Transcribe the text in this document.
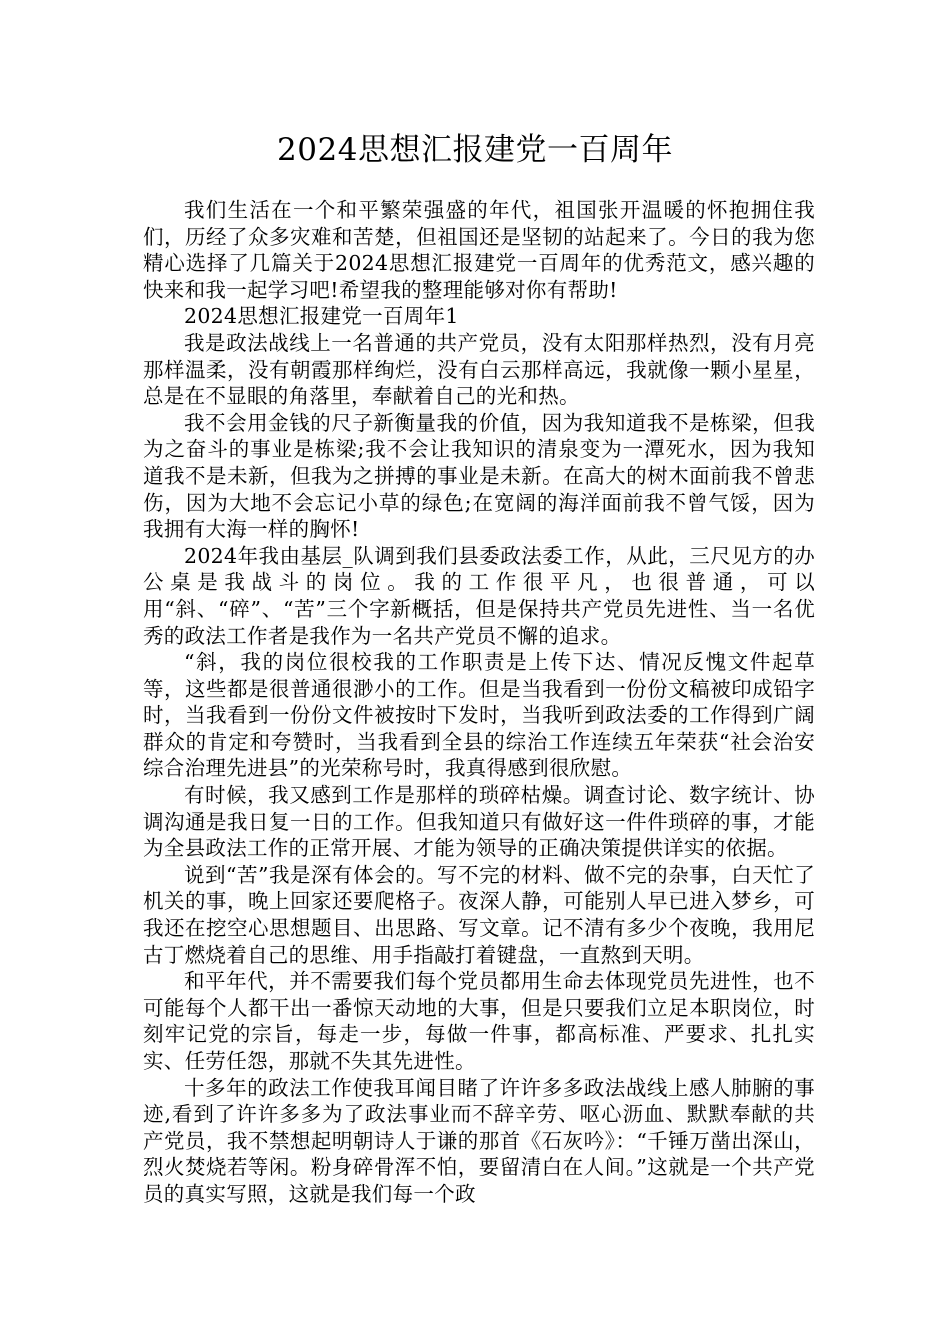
2024思想汇报建党一百周年

我们生活在一个和平繁荣强盛的年代，祖国张开温暖的怀抱拥住我们，历经了众多灾难和苦楚，但祖国还是坚韧的站起来了。今日的我为您精心选择了几篇关于2024思想汇报建党一百周年的优秀范文，感兴趣的快来和我一起学习吧!希望我的整理能够对你有帮助!

2024思想汇报建党一百周年1

我是政法战线上一名普通的共产党员，没有太阳那样热烈，没有月亮那样温柔，没有朝霞那样绚烂，没有白云那样高远，我就像一颗小星星，总是在不显眼的角落里，奉献着自己的光和热。

我不会用金钱的尺子新衡量我的价值，因为我知道我不是栋梁，但我为之奋斗的事业是栋梁;我不会让我知识的清泉变为一潭死水，因为我知道我不是未新，但我为之拼搏的事业是未新。在高大的树木面前我不曾悲伤，因为大地不会忘记小草的绿色;在宽阔的海洋面前我不曾气馁，因为我拥有大海一样的胸怀!

2024年我由基层_队调到我们县委政法委工作，从此，三尺见方的办公桌是我战斗的岗位。我的工作很平凡，也很普通，可以用“斜、“碎”、“苦”三个字新概括，但是保持共产党员先进性、当一名优秀的政法工作者是我作为一名共产党员不懈的追求。

“斜，我的岗位很校我的工作职责是上传下达、情况反愧文件起草等，这些都是很普通很渺小的工作。但是当我看到一份份文稿被印成铅字时，当我看到一份份文件被按时下发时，当我听到政法委的工作得到广阔群众的肯定和夸赞时，当我看到全县的综治工作连续五年荣获“社会治安综合治理先进县”的光荣称号时，我真得感到很欣慰。

有时候，我又感到工作是那样的琐碎枯燥。调查讨论、数字统计、协调沟通是我日复一日的工作。但我知道只有做好这一件件琐碎的事，才能为全县政法工作的正常开展、才能为领导的正确决策提供详实的依据。

说到“苦”我是深有体会的。写不完的材料、做不完的杂事，白天忙了机关的事，晚上回家还要爬格子。夜深人静，可能别人早已进入梦乡，可我还在挖空心思想题目、出思路、写文章。记不清有多少个夜晚，我用尼古丁燃烧着自己的思维、用手指敲打着键盘，一直熬到天明。

和平年代，并不需要我们每个党员都用生命去体现党员先进性，也不可能每个人都干出一番惊天动地的大事，但是只要我们立足本职岗位，时刻牢记党的宗旨，每走一步，每做一件事，都高标准、严要求、扎扎实实、任劳任怨，那就不失其先进性。

十多年的政法工作使我耳闻目睹了许许多多政法战线上感人肺腑的事迹,看到了许许多多为了政法事业而不辞辛劳、呕心沥血、默默奉献的共产党员，我不禁想起明朝诗人于谦的那首《石灰吟》：“千锤万凿出深山，烈火焚烧若等闲。粉身碎骨浑不怕，要留清白在人间。”这就是一个共产党员的真实写照，这就是我们每一个政
